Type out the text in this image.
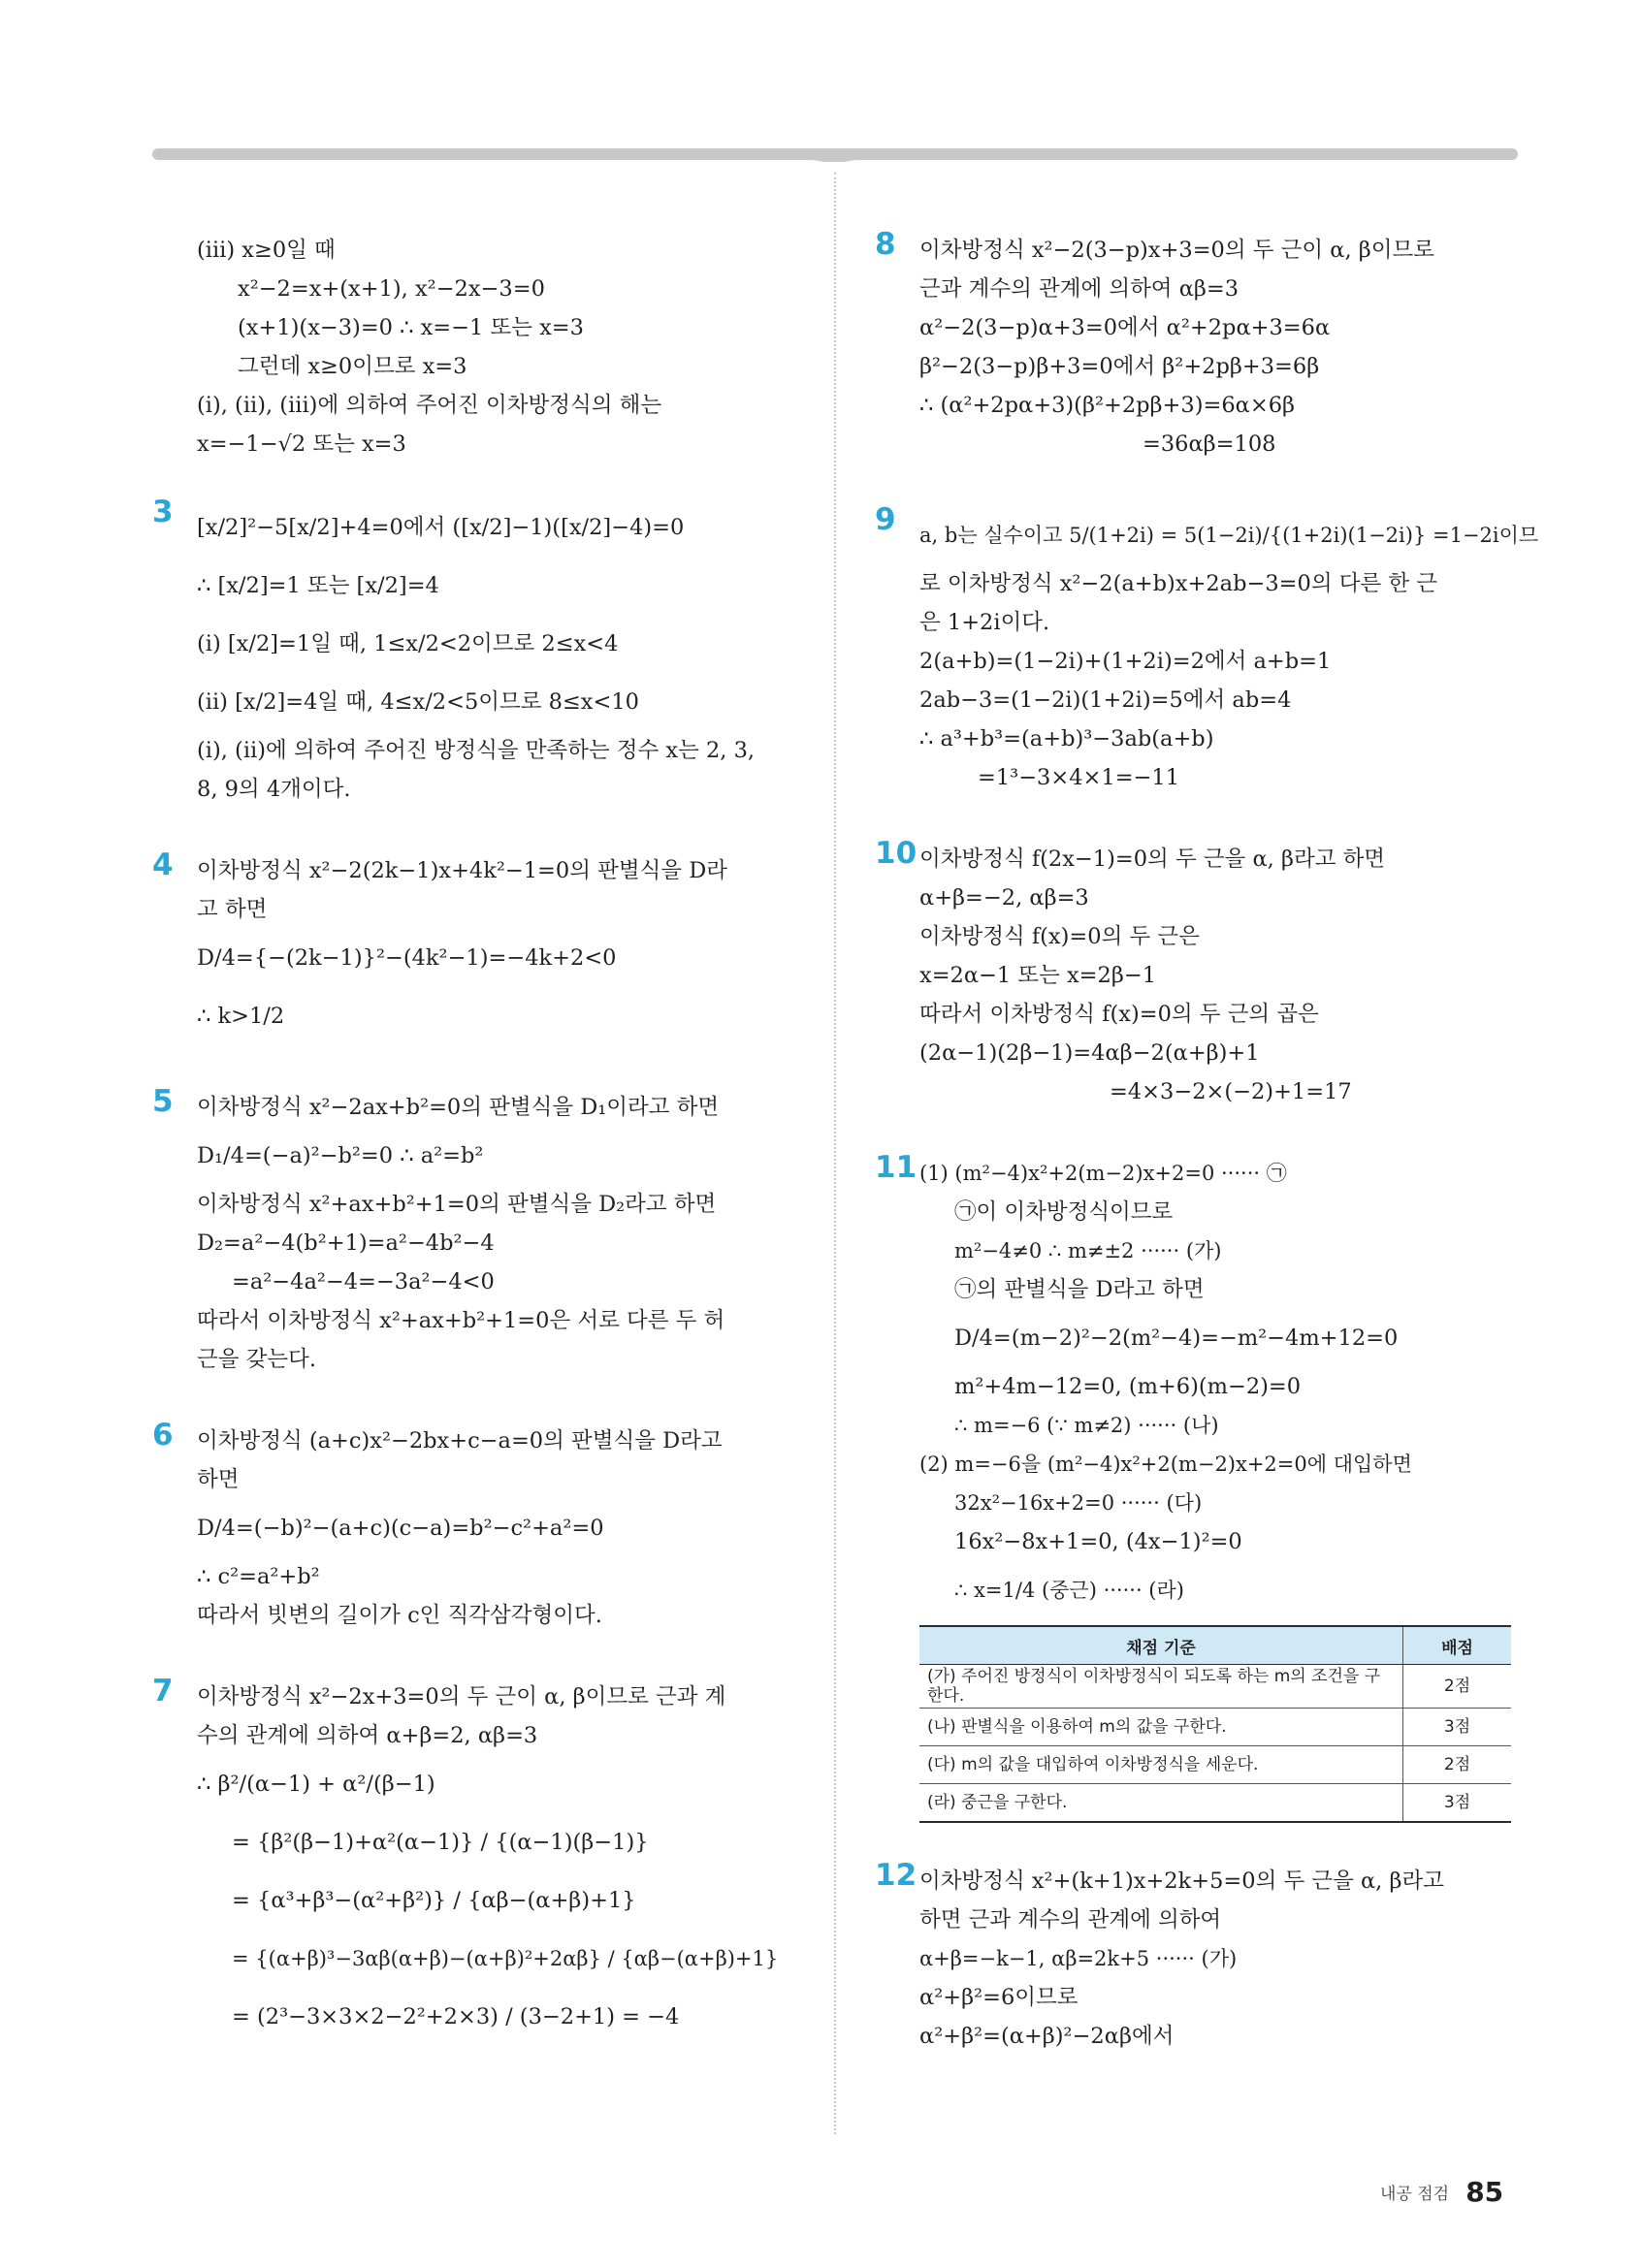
(iii) x≥0일 때
x²−2=x+(x+1), x²−2x−3=0
(x+1)(x−3)=0 ∴ x=−1 또는 x=3
그런데 x≥0이므로 x=3
(i), (ii), (iii)에 의하여 주어진 이차방정식의 해는
x=−1−√2 또는 x=3
3 [x/2]²−5[x/2]+4=0에서 ([x/2]−1)([x/2]−4)=0
∴ [x/2]=1 또는 [x/2]=4
(i) [x/2]=1일 때, 1≤x/2<2이므로 2≤x<4
(ii) [x/2]=4일 때, 4≤x/2<5이므로 8≤x<10
(i), (ii)에 의하여 주어진 방정식을 만족하는 정수 x는 2, 3,
8, 9의 4개이다.
4 이차방정식 x²−2(2k−1)x+4k²−1=0의 판별식을 D라
고 하면
D/4={−(2k−1)}²−(4k²−1)=−4k+2<0
∴ k>1/2
5 이차방정식 x²−2ax+b²=0의 판별식을 D₁이라고 하면
D₁/4=(−a)²−b²=0 ∴ a²=b²
이차방정식 x²+ax+b²+1=0의 판별식을 D₂라고 하면
D₂=a²−4(b²+1)=a²−4b²−4
=a²−4a²−4=−3a²−4<0
따라서 이차방정식 x²+ax+b²+1=0은 서로 다른 두 허
근을 갖는다.
6 이차방정식 (a+c)x²−2bx+c−a=0의 판별식을 D라고
하면
D/4=(−b)²−(a+c)(c−a)=b²−c²+a²=0
∴ c²=a²+b²
따라서 빗변의 길이가 c인 직각삼각형이다.
7 이차방정식 x²−2x+3=0의 두 근이 α, β이므로 근과 계
수의 관계에 의하여 α+β=2, αβ=3
∴ β²/(α−1) + α²/(β−1)
= {β²(β−1)+α²(α−1)} / {(α−1)(β−1)}
= {α³+β³−(α²+β²)} / {αβ−(α+β)+1}
= {(α+β)³−3αβ(α+β)−(α+β)²+2αβ} / {αβ−(α+β)+1}
= (2³−3×3×2−2²+2×3) / (3−2+1) = −4
8 이차방정식 x²−2(3−p)x+3=0의 두 근이 α, β이므로
근과 계수의 관계에 의하여 αβ=3
α²−2(3−p)α+3=0에서 α²+2pα+3=6α
β²−2(3−p)β+3=0에서 β²+2pβ+3=6β
∴ (α²+2pα+3)(β²+2pβ+3)=6α×6β
=36αβ=108
9 a, b는 실수이고 5/(1+2i) = 5(1−2i)/{(1+2i)(1−2i)} =1−2i이므
로 이차방정식 x²−2(a+b)x+2ab−3=0의 다른 한 근
은 1+2i이다.
2(a+b)=(1−2i)+(1+2i)=2에서 a+b=1
2ab−3=(1−2i)(1+2i)=5에서 ab=4
∴ a³+b³=(a+b)³−3ab(a+b)
=1³−3×4×1=−11
10 이차방정식 f(2x−1)=0의 두 근을 α, β라고 하면
α+β=−2, αβ=3
이차방정식 f(x)=0의 두 근은
x=2α−1 또는 x=2β−1
따라서 이차방정식 f(x)=0의 두 근의 곱은
(2α−1)(2β−1)=4αβ−2(α+β)+1
=4×3−2×(−2)+1=17
11 (1) (m²−4)x²+2(m−2)x+2=0 ······ ㉠
㉠이 이차방정식이므로
m²−4≠0 ∴ m≠±2 ······ (가)
㉠의 판별식을 D라고 하면
D/4=(m−2)²−2(m²−4)=−m²−4m+12=0
m²+4m−12=0, (m+6)(m−2)=0
∴ m=−6 (∵ m≠2) ······ (나)
(2) m=−6을 (m²−4)x²+2(m−2)x+2=0에 대입하면
32x²−16x+2=0 ······ (다)
16x²−8x+1=0, (4x−1)²=0
∴ x=1/4 (중근) ······ (라)
채점 기준	배점
(가) 주어진 방정식이 이차방정식이 되도록 하는 m의 조건을 구한다.	2점
(나) 판별식을 이용하여 m의 값을 구한다.	3점
(다) m의 값을 대입하여 이차방정식을 세운다.	2점
(라) 중근을 구한다.	3점
12 이차방정식 x²+(k+1)x+2k+5=0의 두 근을 α, β라고
하면 근과 계수의 관계에 의하여
α+β=−k−1, αβ=2k+5 ······ (가)
α²+β²=6이므로
α²+β²=(α+β)²−2αβ에서
내공 점검 85
